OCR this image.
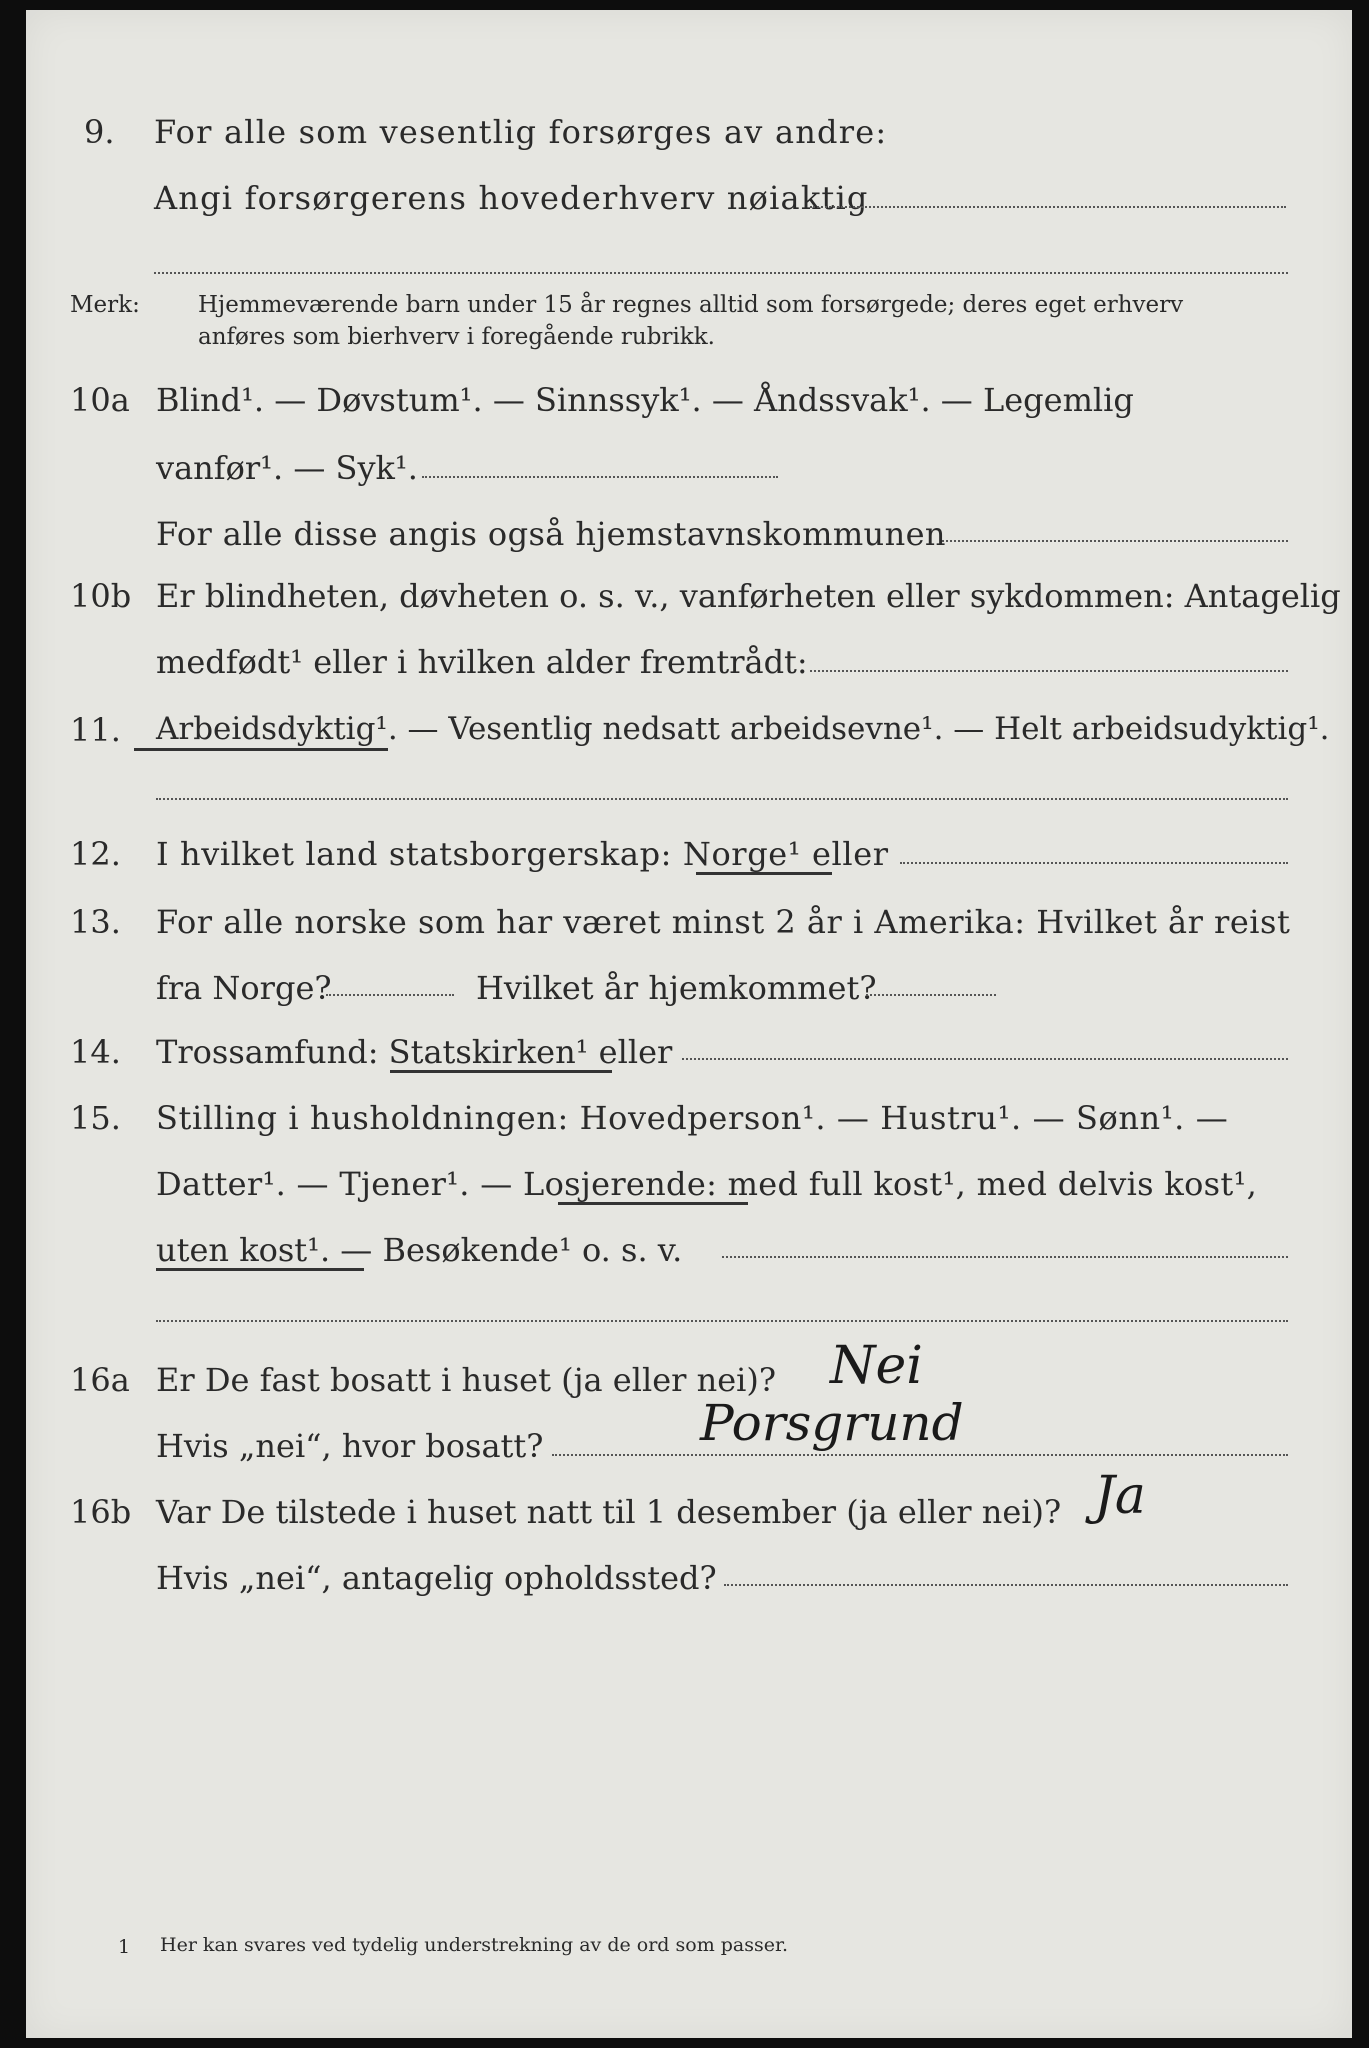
9. For alle som vesentlig forsørges av andre:
Angi forsørgerens hovederhverv nøiaktig
Merk:	Hjemmeværende barn under 15 år regnes alltid som forsørgede; deres eget erhverv
anføres som bierhverv i foregående rubrikk.
10a Blind¹. — Døvstum¹. — Sinnssyk¹. — Åndssvak¹. — Legemlig
vanfør¹. — Syk¹.
For alle disse angis også hjemstavnskommunen
10b Er blindheten, døvheten o. s. v., vanførheten eller sykdommen: Antagelig
medfødt¹ eller i hvilken alder fremtrådt:
11. Arbeidsdyktig¹. — Vesentlig nedsatt arbeidsevne¹. — Helt arbeidsudyktig¹.
12. I hvilket land statsborgerskap: Norge¹ eller
13. For alle norske som har været minst 2 år i Amerika: Hvilket år reist
fra Norge?	Hvilket år hjemkommet?
14. Trossamfund: Statskirken¹ eller
15. Stilling i husholdningen: Hovedperson¹. — Hustru¹. — Sønn¹. —
Datter¹. — Tjener¹. — Losjerende: med full kost¹, med delvis kost¹,
uten kost¹. — Besøkende¹ o. s. v.
16a Er De fast bosatt i huset (ja eller nei)? Nei
Hvis „nei“, hvor bosatt?	Porsgrund
16b Var De tilstede i huset natt til 1 desember (ja eller nei)? Ja
Hvis „nei“, antagelig opholdssted?
1 Her kan svares ved tydelig understrekning av de ord som passer.
